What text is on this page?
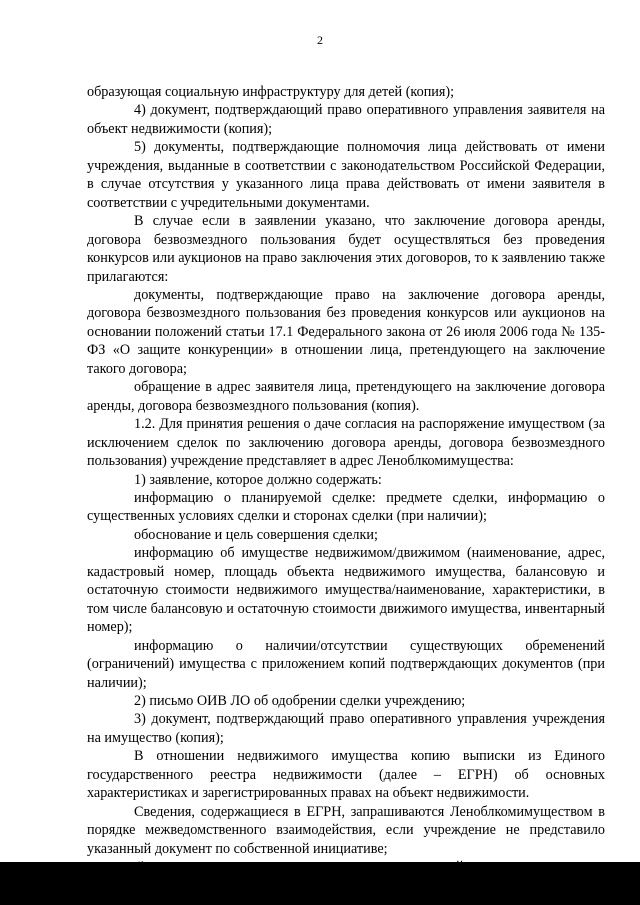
2

образующая социальную инфраструктуру для детей (копия);

4) документ, подтверждающий право оперативного управления заявителя на объект недвижимости (копия);

5) документы, подтверждающие полномочия лица действовать от имени учреждения, выданные в соответствии с законодательством Российской Федерации, в случае отсутствия у указанного лица права действовать от имени заявителя в соответствии с учредительными документами.

В случае если в заявлении указано, что заключение договора аренды, договора безвозмездного пользования будет осуществляться без проведения конкурсов или аукционов на право заключения этих договоров, то к заявлению также прилагаются:

документы, подтверждающие право на заключение договора аренды, договора безвозмездного пользования без проведения конкурсов или аукционов на основании положений статьи 17.1 Федерального закона от 26 июля 2006 года № 135-ФЗ «О защите конкуренции» в отношении лица, претендующего на заключение такого договора;

обращение в адрес заявителя лица, претендующего на заключение договора аренды, договора безвозмездного пользования (копия).

1.2. Для принятия решения о даче согласия на распоряжение имуществом (за исключением сделок по заключению договора аренды, договора безвозмездного пользования) учреждение представляет в адрес Леноблкомимущества:

1) заявление, которое должно содержать:

информацию о планируемой сделке: предмете сделки, информацию о существенных условиях сделки и сторонах сделки (при наличии);

обоснование и цель совершения сделки;

информацию об имуществе недвижимом/движимом (наименование, адрес, кадастровый номер, площадь объекта недвижимого имущества, балансовую и остаточную стоимости недвижимого имущества/наименование, характеристики, в том числе балансовую и остаточную стоимости движимого имущества, инвентарный номер);

информацию о наличии/отсутствии существующих обременений (ограничений) имущества с приложением копий подтверждающих документов (при наличии);

2) письмо ОИВ ЛО об одобрении сделки учреждению;

3) документ, подтверждающий право оперативного управления учреждения на имущество (копия);

В отношении недвижимого имущества копию выписки из Единого государственного реестра недвижимости (далее – ЕГРН) об основных характеристиках и зарегистрированных правах на объект недвижимости.

Сведения, содержащиеся в ЕГРН, запрашиваются Леноблкомимуществом в порядке межведомственного взаимодействия, если учреждение не представило указанный документ по собственной инициативе;
